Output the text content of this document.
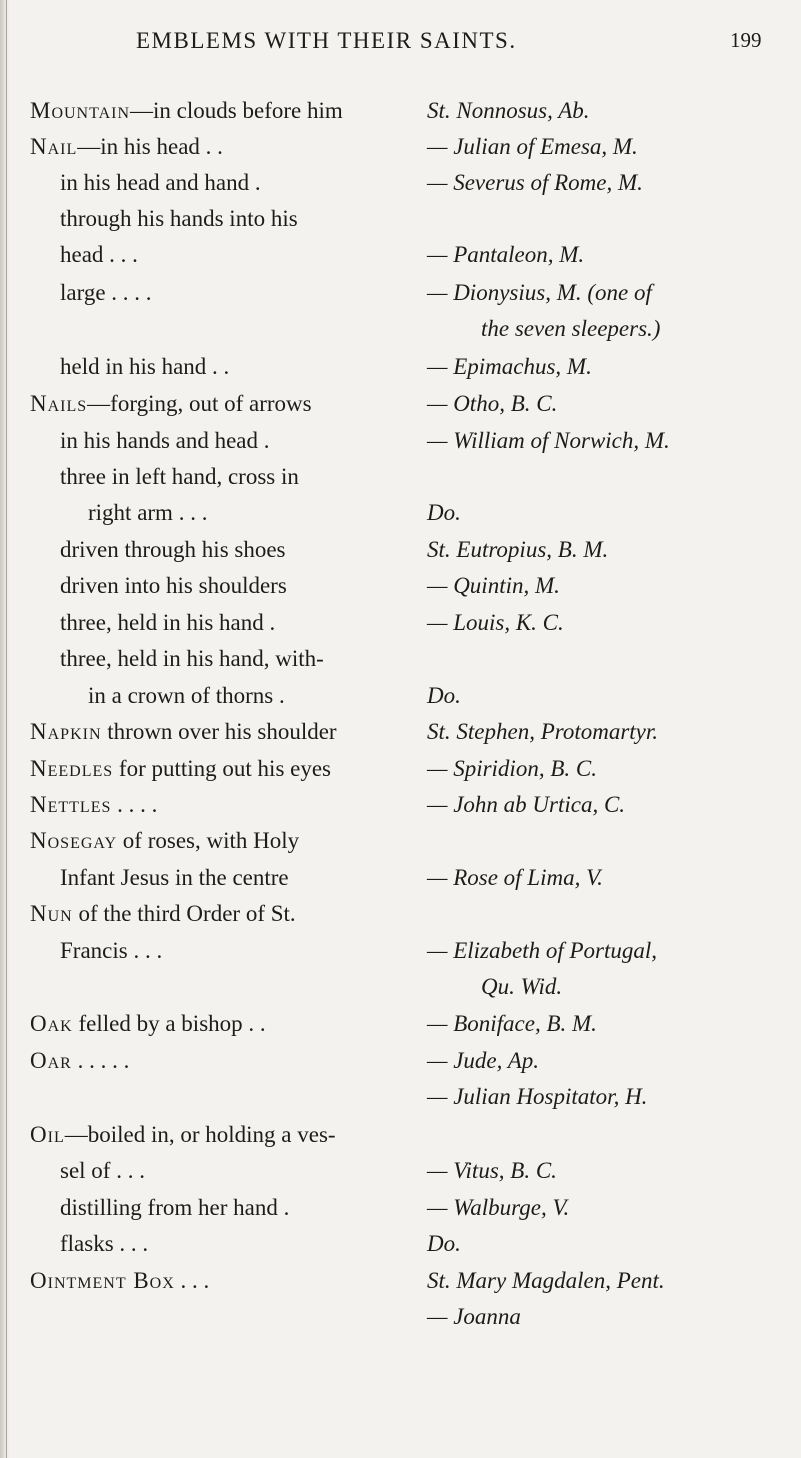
EMBLEMS WITH THEIR SAINTS.	199
Mountain—in clouds before him	St. Nonnosus, Ab.
Nail—in his head . .	— Julian of Emesa, M.
in his head and hand .	— Severus of Rome, M.
through his hands into his
head . . .	— Pantaleon, M.
large . . . .	— Dionysius, M. (one of
the seven sleepers.)
held in his hand . .	— Epimachus, M.
Nails—forging, out of arrows	— Otho, B. C.
in his hands and head .	— William of Norwich, M.
three in left hand, cross in
right arm . . .	Do.
driven through his shoes	St. Eutropius, B. M.
driven into his shoulders	— Quintin, M.
three, held in his hand .	— Louis, K. C.
three, held in his hand, with-
in a crown of thorns .	Do.
Napkin thrown over his shoulder	St. Stephen, Protomartyr.
Needles for putting out his eyes	— Spiridion, B. C.
Nettles . . . .	— John ab Urtica, C.
Nosegay of roses, with Holy
Infant Jesus in the centre	— Rose of Lima, V.
Nun of the third Order of St.
Francis . . .	— Elizabeth of Portugal,
Qu. Wid.
Oak felled by a bishop . .	— Boniface, B. M.
Oar . . . . .	— Jude, Ap.
— Julian Hospitator, H.
Oil—boiled in, or holding a ves-
sel of . . .	— Vitus, B. C.
distilling from her hand .	— Walburge, V.
flasks . . .	Do.
Ointment Box . . .	St. Mary Magdalen, Pent.
— Joanna
